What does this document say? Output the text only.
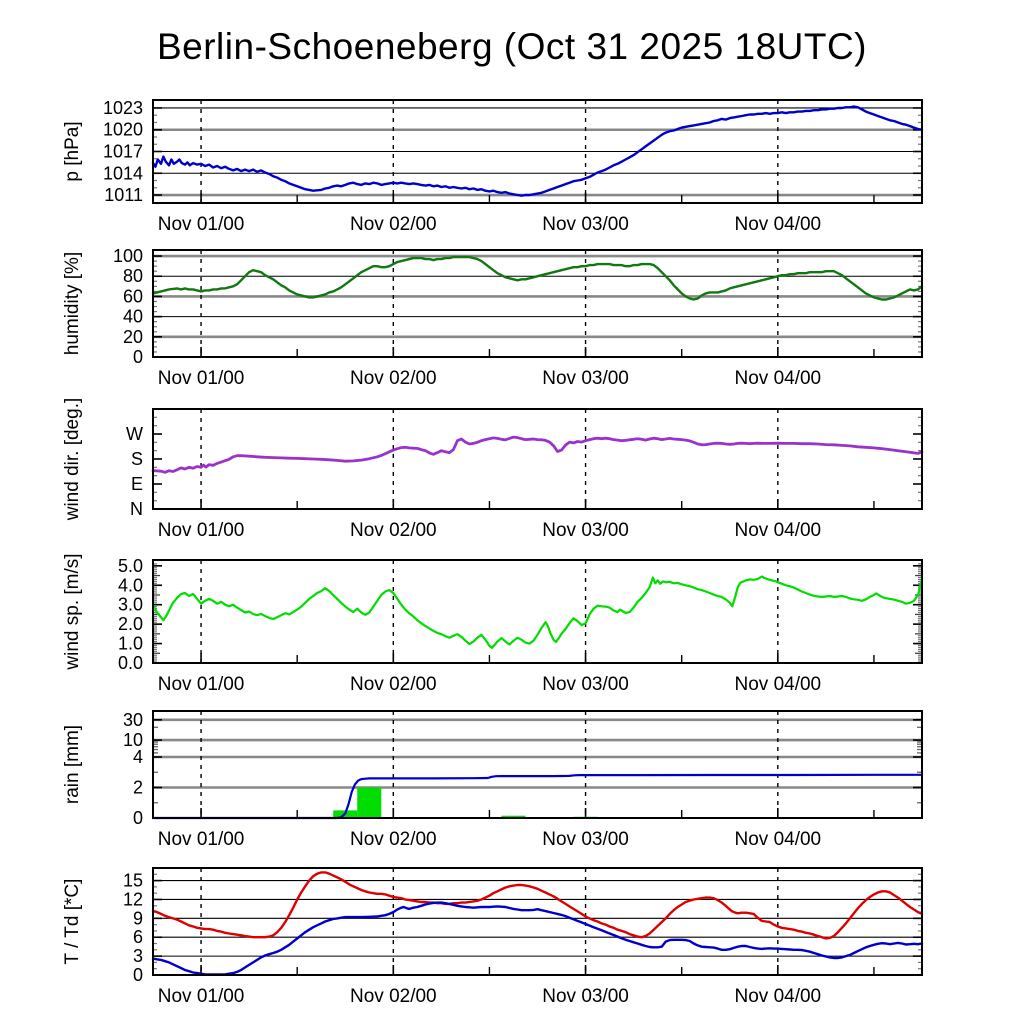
Berlin-Schoeneberg (Oct 31 2025 18UTC)
1011
1014
1017
1020
1023
p [hPa]
Nov 01/00	Nov 02/00	Nov 03/00	Nov 04/00
0
20
40
60
80
100
humidity [%]
Nov 01/00	Nov 02/00	Nov 03/00	Nov 04/00
N
E
S
W
wind dir. [deg.]
Nov 01/00	Nov 02/00	Nov 03/00	Nov 04/00
0.0
1.0
2.0
3.0
4.0
5.0
wind sp. [m/s]
Nov 01/00	Nov 02/00	Nov 03/00	Nov 04/00
0
2
4
10
30
rain [mm]
Nov 01/00	Nov 02/00	Nov 03/00	Nov 04/00
0
3
6
9
12
15
T / Td [*C]
Nov 01/00	Nov 02/00	Nov 03/00	Nov 04/00
